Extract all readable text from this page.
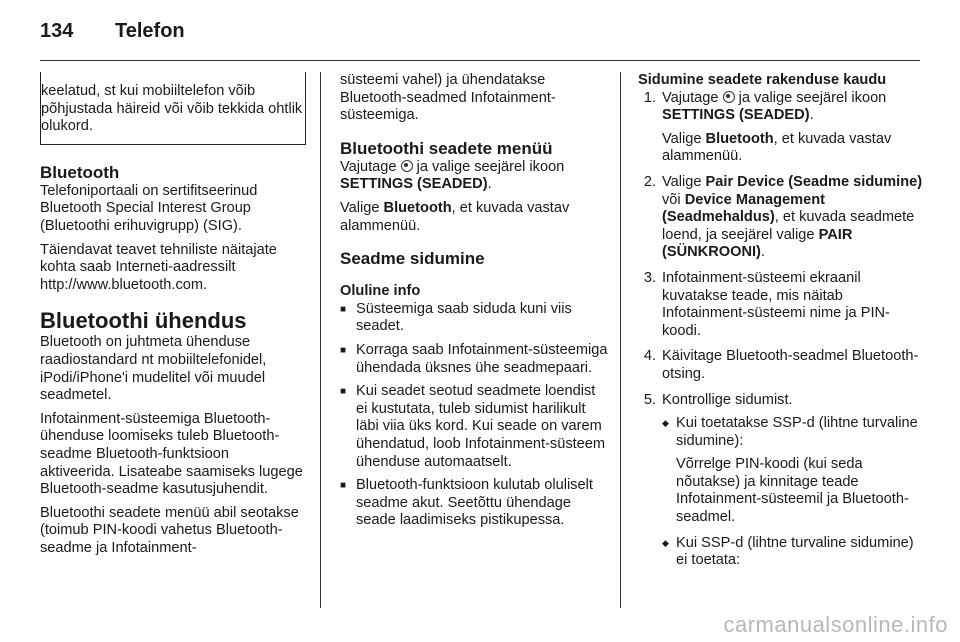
134	Telefon

keelatud, st kui mobiiltelefon võib põhjustada häireid või võib tekkida ohtlik olukord.

Bluetooth

Telefoniportaali on sertifitseerinud Bluetooth Special Interest Group (Bluetoothi erihuvigrupp) (SIG).

Täiendavat teavet tehniliste näitajate kohta saab Interneti-aadressilt http://www.bluetooth.com.

Bluetoothi ühendus

Bluetooth on juhtmeta ühenduse raadiostandard nt mobiiltelefonidel, iPodi/iPhone'i mudelitel või muudel seadmetel.

Infotainment-süsteemiga Bluetooth-ühenduse loomiseks tuleb Bluetooth-seadme Bluetooth-funktsioon aktiveerida. Lisateabe saamiseks lugege Bluetooth-seadme kasutusjuhendit.

Bluetoothi seadete menüü abil seotakse (toimub PIN-koodi vahetus Bluetooth-seadme ja Infotainment-

süsteemi vahel) ja ühendatakse Bluetooth-seadmed Infotainment-süsteemiga.

Bluetoothi seadete menüü

Vajutage  ja valige seejärel ikoon SETTINGS (SEADED).

Valige Bluetooth, et kuvada vastav alammenüü.

Seadme sidumine

Oluline info

■ Süsteemiga saab siduda kuni viis seadet.
■ Korraga saab Infotainment-süsteemiga ühendada üksnes ühe seadmepaari.
■ Kui seadet seotud seadmete loendist ei kustutata, tuleb sidumist harilikult läbi viia üks kord. Kui seade on varem ühendatud, loob Infotainment-süsteem ühenduse automaatselt.
■ Bluetooth-funktsioon kulutab oluliselt seadme akut. Seetõttu ühendage seade laadimiseks pistikupessa.

Sidumine seadete rakenduse kaudu

1. Vajutage  ja valige seejärel ikoon SETTINGS (SEADED).

Valige Bluetooth, et kuvada vastav alammenüü.

2. Valige Pair Device (Seadme sidumine) või Device Management (Seadmehaldus), et kuvada seadmete loend, ja seejärel valige PAIR (SÜNKROONI).
3. Infotainment-süsteemi ekraanil kuvatakse teade, mis näitab Infotainment-süsteemi nime ja PIN-koodi.
4. Käivitage Bluetooth-seadmel Bluetooth-otsing.
5. Kontrollige sidumist.
◆ Kui toetatakse SSP-d (lihtne turvaline sidumine):

Võrrelge PIN-koodi (kui seda nõutakse) ja kinnitage teade Infotainment-süsteemil ja Bluetooth-seadmel.

◆ Kui SSP-d (lihtne turvaline sidumine) ei toetata:
carmanualsonline.info
